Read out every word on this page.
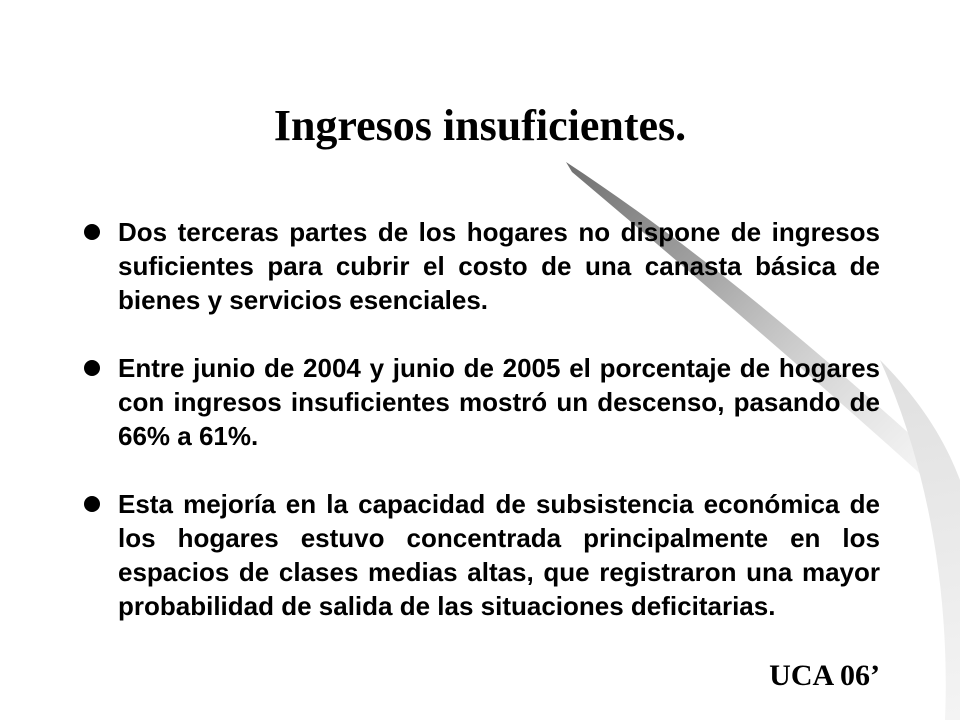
Ingresos insuficientes.
Dos terceras partes de los hogares no dispone de ingresos suficientes para cubrir el costo de una canasta básica de bienes y servicios esenciales.
Entre junio de 2004 y junio de 2005 el porcentaje de hogares con ingresos insuficientes mostró un descenso, pasando de 66% a 61%.
Esta mejoría en la capacidad de subsistencia económica de los hogares estuvo concentrada principalmente en los espacios de clases medias altas, que registraron una mayor probabilidad de salida de las situaciones deficitarias.
UCA 06’
